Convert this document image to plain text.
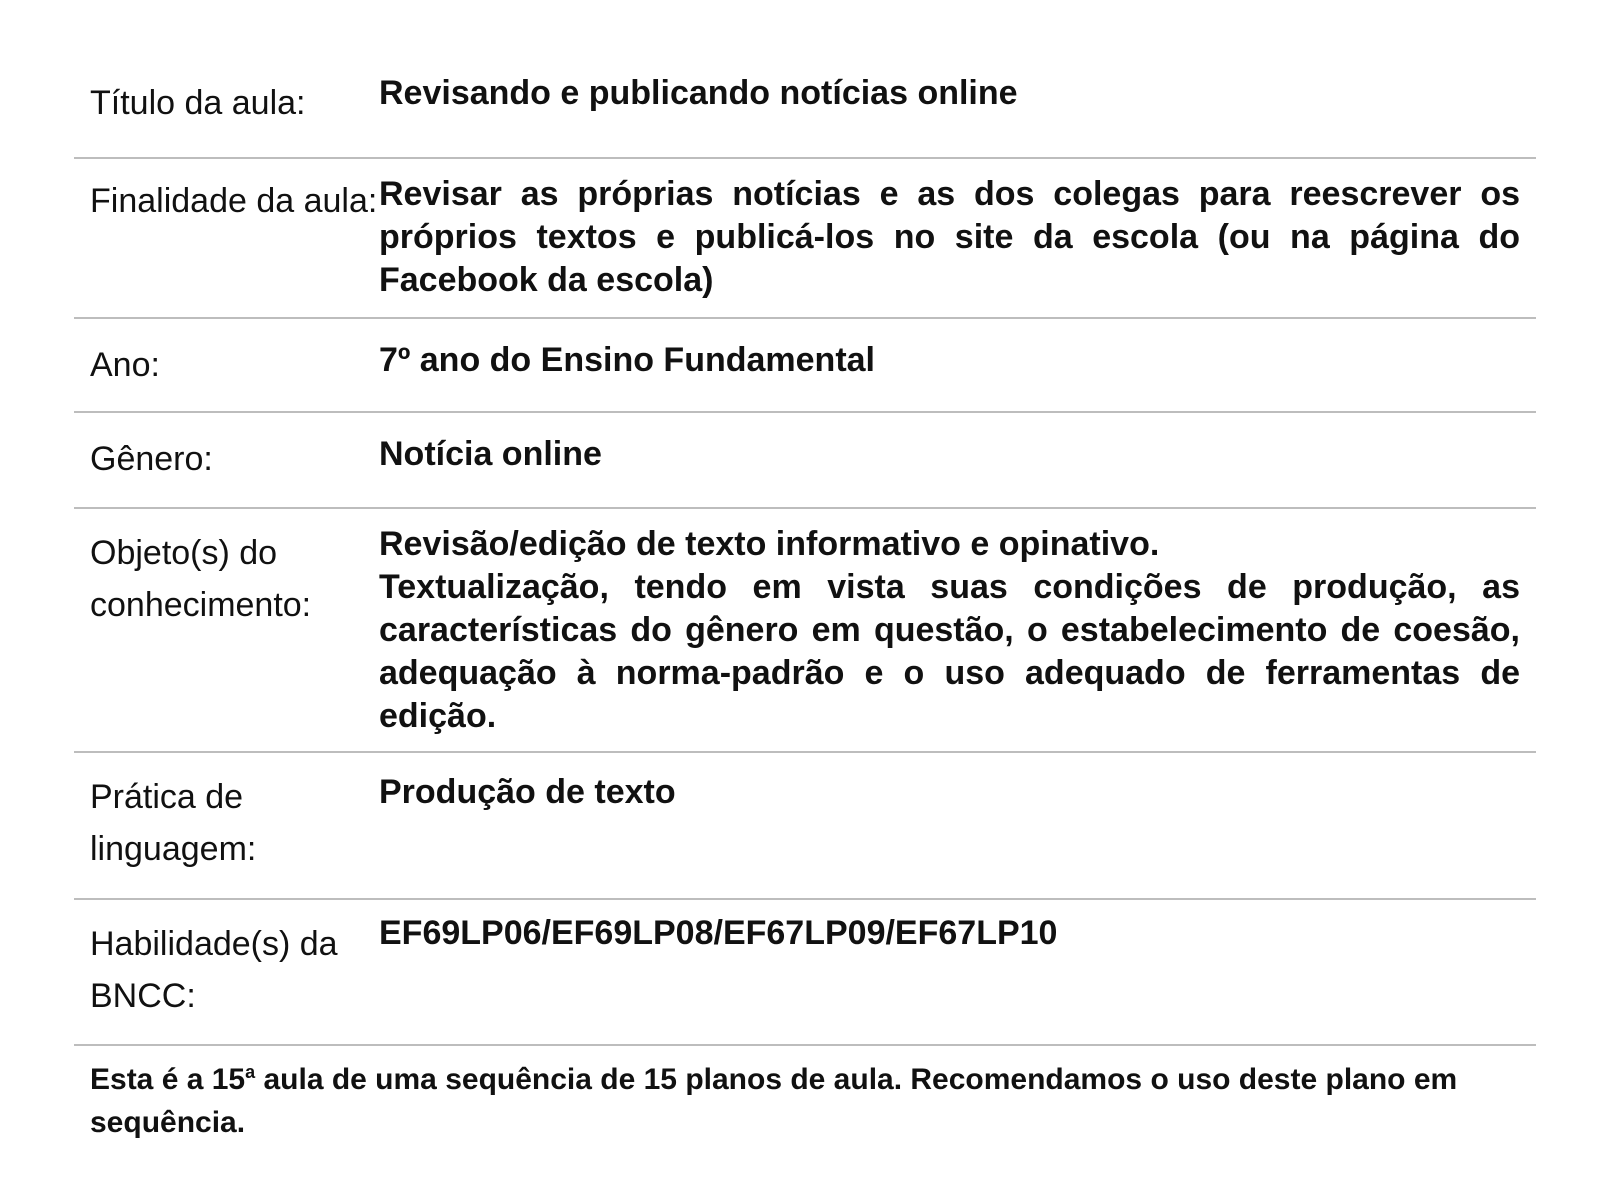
Título da aula:	Revisando e publicando notícias online
Finalidade da aula: Revisar as próprias notícias e as dos colegas para reescrever os próprios textos e publicá-los no site da escola (ou na página do Facebook da escola)
Ano:	7º ano do Ensino Fundamental
Gênero:	Notícia online
Objeto(s) do conhecimento:
Revisão/edição de texto informativo e opinativo.
Textualização, tendo em vista suas condições de produção, as características do gênero em questão, o estabelecimento de coesão, adequação à norma-padrão e o uso adequado de ferramentas de edição.
Prática de linguagem:
Produção de texto
Habilidade(s) da BNCC:
EF69LP06/EF69LP08/EF67LP09/EF67LP10
Esta é a 15$^a$ aula de uma sequência de 15 planos de aula. Recomendamos o uso deste plano em sequência.
